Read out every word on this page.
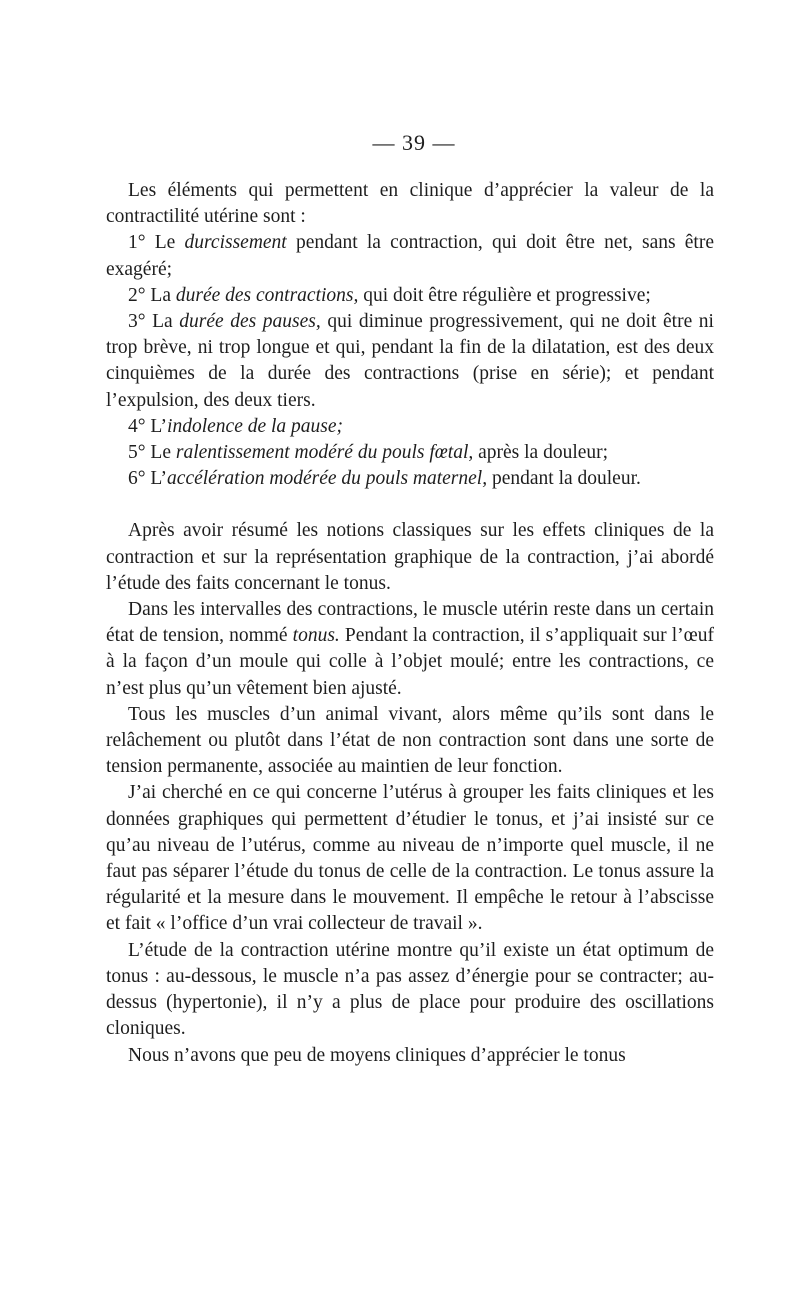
— 39 —

Les éléments qui permettent en clinique d’apprécier la valeur de la contractilité utérine sont :

1° Le durcissement pendant la contraction, qui doit être net, sans être exagéré;

2° La durée des contractions, qui doit être régulière et progressive;

3° La durée des pauses, qui diminue progressivement, qui ne doit être ni trop brève, ni trop longue et qui, pendant la fin de la dilatation, est des deux cinquièmes de la durée des contractions (prise en série); et pendant l’expulsion, des deux tiers.

4° L’indolence de la pause;

5° Le ralentissement modéré du pouls fœtal, après la douleur;

6° L’accélération modérée du pouls maternel, pendant la douleur.

Après avoir résumé les notions classiques sur les effets cliniques de la contraction et sur la représentation graphique de la contraction, j’ai abordé l’étude des faits concernant le tonus.

Dans les intervalles des contractions, le muscle utérin reste dans un certain état de tension, nommé tonus. Pendant la contraction, il s’appliquait sur l’œuf à la façon d’un moule qui colle à l’objet moulé; entre les contractions, ce n’est plus qu’un vêtement bien ajusté.

Tous les muscles d’un animal vivant, alors même qu’ils sont dans le relâchement ou plutôt dans l’état de non contraction sont dans une sorte de tension permanente, associée au maintien de leur fonction.

J’ai cherché en ce qui concerne l’utérus à grouper les faits cliniques et les données graphiques qui permettent d’étudier le tonus, et j’ai insisté sur ce qu’au niveau de l’utérus, comme au niveau de n’importe quel muscle, il ne faut pas séparer l’étude du tonus de celle de la contraction. Le tonus assure la régularité et la mesure dans le mouvement. Il empêche le retour à l’abscisse et fait « l’office d’un vrai collecteur de travail ».

L’étude de la contraction utérine montre qu’il existe un état optimum de tonus : au-dessous, le muscle n’a pas assez d’énergie pour se contracter; au-dessus (hypertonie), il n’y a plus de place pour produire des oscillations cloniques.

Nous n’avons que peu de moyens cliniques d’apprécier le tonus
